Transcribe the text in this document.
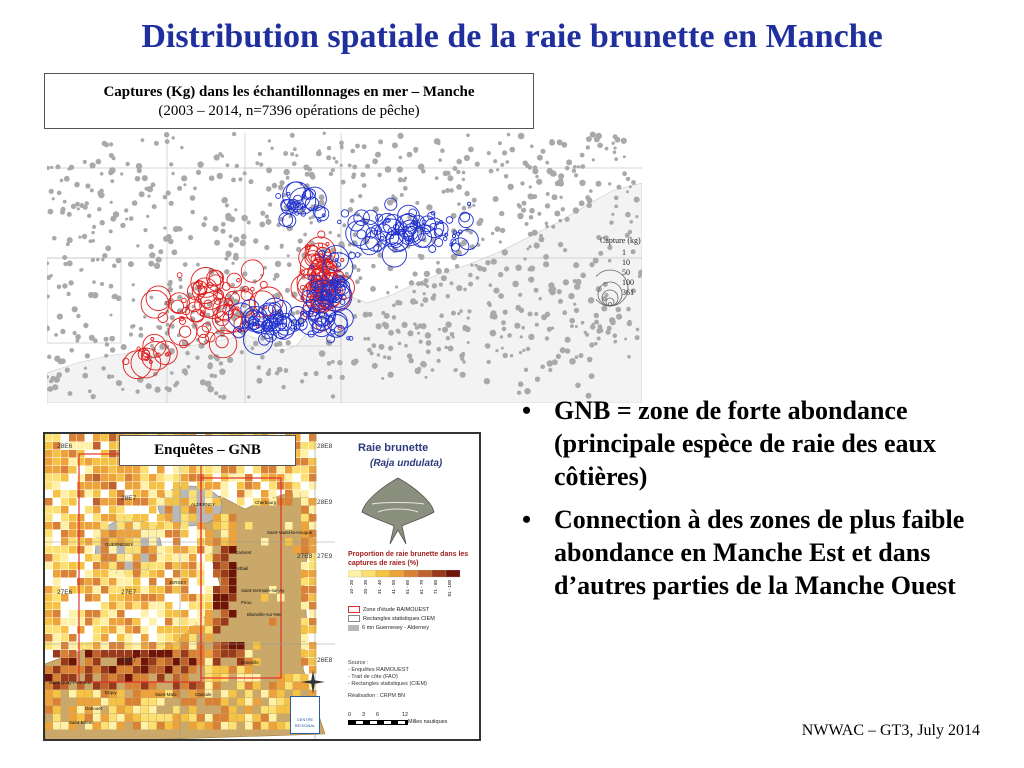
Distribution spatiale de la raie brunette en Manche
Captures (Kg) dans les échantillonnages en mer – Manche
(2003 – 2014, n=7396 opérations de pêche)
Capture (kg)
1
10
50
100
361
28E6
28E7
28E8
28E9
27E6	27E7
27E8 27E9
26E7	26E8
ALDERNEY
GUERNESEY
JERSEY
Cherbourg
Saint-Vaast-la-Hougue
Carteret
Portbail
Saint-Germain-sur-Ay
Pirou
Blainville-sur-Mer
Granville
Cancale
Saint-Malo
Erquy
Saint-Quay-Portrieux
Saint-Brieuc
Dahouët
Enquêtes – GNB	Raie brunette
(Raja undulata)
Proportion de raie brunette dans les captures de raies (%)
10 - 20 20 - 30 31 - 40 41 - 50 51 - 60 61 - 70 71 - 80 81 - 100
Zone d'étude RAIMOUEST
Rectangles statistiques CIEM
6 mn Guernesey - Alderney
Source :
- Enquêtes RAIMOUEST
- Trait de côte (FAO)
- Rectangles statistiques (CIEM)
Réalisation : CRPM BN
0 3 6	12
Milles nautiques
CENTRE RÉGIONAL
• GNB = zone de forte abondance (principale espèce de raie des eaux côtières)
• Connection à des zones de plus faible abondance en Manche Est et dans d’autres parties de la Manche Ouest
NWWAC – GT3, July 2014
